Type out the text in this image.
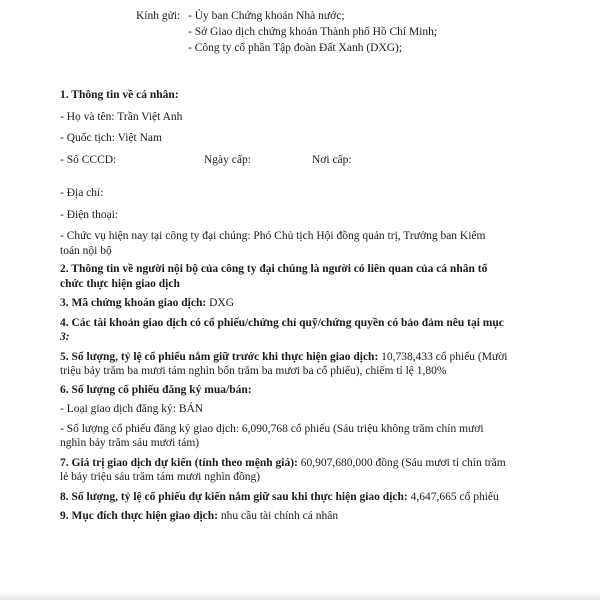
Kính gửi: - Ủy ban Chứng khoán Nhà nước;
- Sở Giao dịch chứng khoán Thành phố Hồ Chí Minh;
- Công ty cổ phần Tập đoàn Đất Xanh (DXG);
1. Thông tin về cá nhân:
- Họ và tên: Trần Việt Anh
- Quốc tịch: Việt Nam
- Số CCCD:	Ngày cấp:	Nơi cấp:
- Địa chỉ:
- Điện thoại:
- Chức vụ hiện nay tại công ty đại chúng: Phó Chủ tịch Hội đồng quản trị, Trưởng ban Kiểm
toán nội bộ
2. Thông tin về người nội bộ của công ty đại chúng là người có liên quan của cá nhân tổ
chức thực hiện giao dịch
3. Mã chứng khoán giao dịch: DXG
4. Các tài khoản giao dịch có cổ phiếu/chứng chỉ quỹ/chứng quyền có bảo đảm nêu tại mục
3:
5. Số lượng, tỷ lệ cổ phiếu nắm giữ trước khi thực hiện giao dịch: 10,738,433 cổ phiếu (Mười
triệu bảy trăm ba mươi tám nghìn bốn trăm ba mươi ba cổ phiếu), chiếm tỉ lệ 1,80%
6. Số lượng cổ phiếu đăng ký mua/bán:
- Loại giao dịch đăng ký: BÁN
- Số lượng cổ phiếu đăng ký giao dịch: 6,090,768 cổ phiếu (Sáu triệu không trăm chín mươi
nghìn bảy trăm sáu mươi tám)
7. Giá trị giao dịch dự kiến (tính theo mệnh giá): 60,907,680,000 đồng (Sáu mươi tỉ chín trăm
lẻ bảy triệu sáu trăm tám mươi nghìn đồng)
8. Số lượng, tỷ lệ cổ phiếu dự kiến nắm giữ sau khi thực hiện giao dịch: 4,647,665 cổ phiếu
9. Mục đích thực hiện giao dịch: nhu cầu tài chính cá nhân
